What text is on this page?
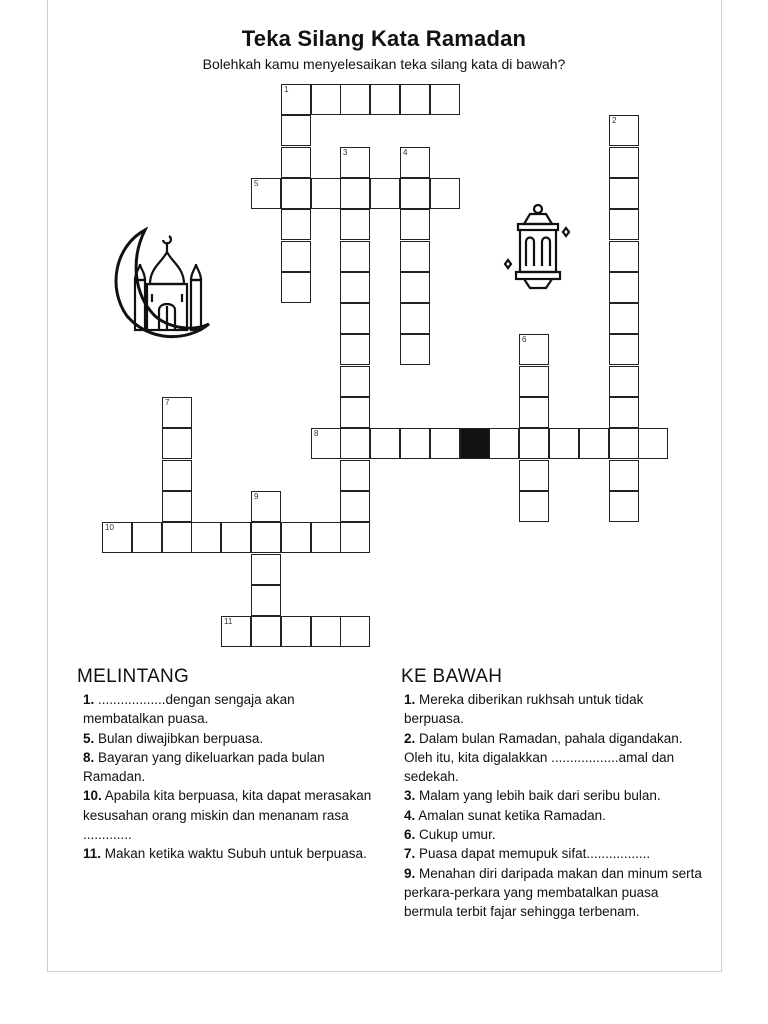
Teka Silang Kata Ramadan
Bolehkah kamu menyelesaikan teka silang kata di bawah?
1
2
3	4
5
6
7
8
9
10
11
MELINTANG	KE BAWAH

1. ..................dengan sengaja akan membatalkan puasa.

5. Bulan diwajibkan berpuasa.

8. Bayaran yang dikeluarkan pada bulan Ramadan.

10. Apabila kita berpuasa, kita dapat merasakan kesusahan orang miskin dan menanam rasa .............

11. Makan ketika waktu Subuh untuk berpuasa.

1. Mereka diberikan rukhsah untuk tidak berpuasa.

2. Dalam bulan Ramadan, pahala digandakan. Oleh itu, kita digalakkan ..................amal dan sedekah.

3. Malam yang lebih baik dari seribu bulan.

4. Amalan sunat ketika Ramadan.

6. Cukup umur.

7. Puasa dapat memupuk sifat.................

9. Menahan diri daripada makan dan minum serta perkara-perkara yang membatalkan puasa bermula terbit fajar sehingga terbenam.
